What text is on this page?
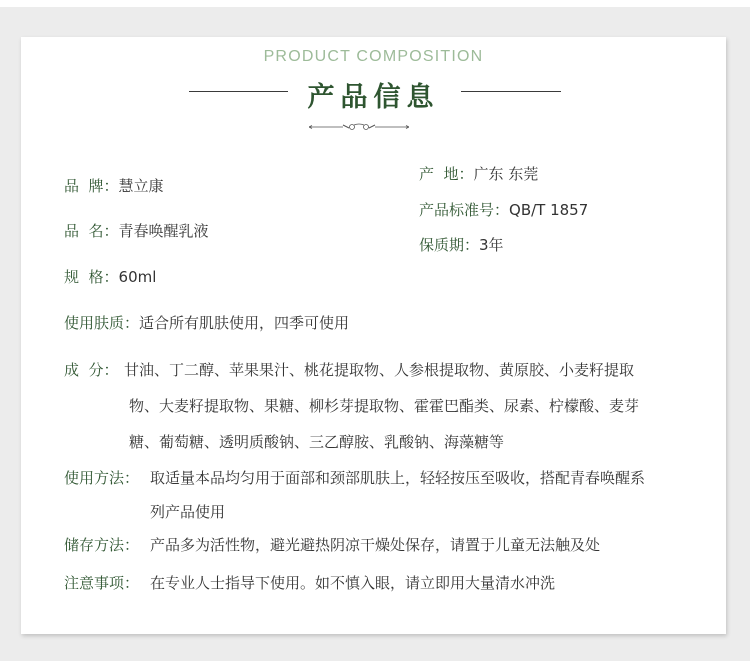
PRODUCT COMPOSITION
产品信息
品  牌：慧立康
品  名：青春唤醒乳液
规  格：60ml
产  地：广东 东莞
产品标准号：QB/T 1857
保质期：3年
使用肤质：适合所有肌肤使用，四季可使用
成  分： 甘油、丁二醇、苹果果汁、桃花提取物、人参根提取物、黄原胶、小麦籽提取
物、大麦籽提取物、果糖、柳杉芽提取物、霍霍巴酯类、尿素、柠檬酸、麦芽
糖、葡萄糖、透明质酸钠、三乙醇胺、乳酸钠、海藻糖等
使用方法： 取适量本品均匀用于面部和颈部肌肤上，轻轻按压至吸收，搭配青春唤醒系
列产品使用
储存方法： 产品多为活性物，避光避热阴凉干燥处保存，请置于儿童无法触及处
注意事项： 在专业人士指导下使用。如不慎入眼，请立即用大量清水冲洗
